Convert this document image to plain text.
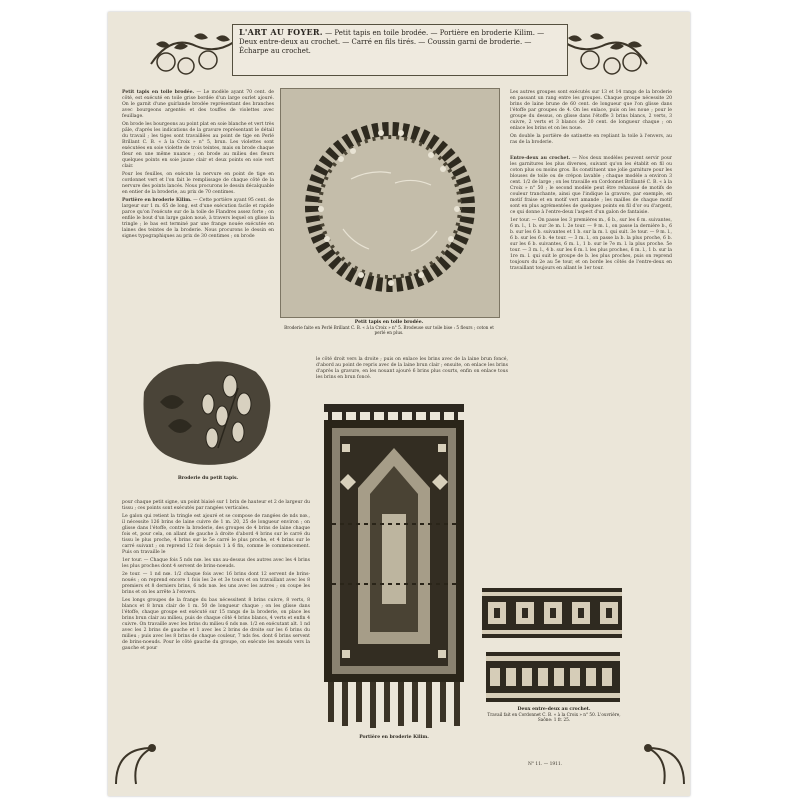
L'ART AU FOYER. — Petit tapis en toile brodée. — Portière en broderie Kilim. — Deux entre-deux au crochet. — Carré en fils tirés. — Coussin garni de broderie. — Écharpe au crochet.

Petit tapis en toile brodée. — Le modèle ayant 70 cent. de côté, est exécuté en toile grise bordée d'un large ourlet ajouré. On le garnit d'une guirlande brodée représentant des branches avec bourgeons argentés et des touffes de violettes avec feuillage.

On brode les bourgeons au point plat en soie blanche et vert très pâle, d'après les indications de la gravure représentant le détail du travail ; les tiges sont travaillées au point de tige en Perlé Brillant C. B. « à la Croix » n° 5, brun. Les violettes sont exécutées en soie violette de trois teintes, mais on brode chaque fleur en une même nuance ; on brode au milieu des fleurs quelques points en soie jaune clair et deux points en soie vert clair.

Pour les feuilles, on exécute la nervure en point de tige en cordonnet vert et l'on fait le remplissage de chaque côté de la nervure des points lancés. Nous procurons le dessin décalquable en entier de la broderie, au prix de 70 centimes.

Portière en broderie Kilim. — Cette portière ayant 95 cent. de largeur sur 1 m. 65 de long, est d'une exécution facile et rapide parce qu'on l'exécute sur de la toile de Flandres assez forte ; on enfile le bout d'un large galon noué, à travers lequel on glisse la tringle ; le bas est terminé par une frange nouée exécutée en laines des teintes de la broderie. Nous procurons le dessin en signes typographiques au prix de 30 centimes ; on brode

Petit tapis en toile brodée.
Broderie faite en Perlé Brillant C. B. « à la Croix » n° 5. Brodeuse sur toile bise : 5 fleurs ; coton et perlé en plus.

Les autres groupes sont exécutés sur 13 et 14 rangs de la broderie en passant un rang entre les groupes. Chaque groupe nécessite 20 brins de laine brune de 60 cent. de longueur que l'on glisse dans l'étoffe par groupes de 4. On les enlace, puis on les noue ; pour le groupe du dessus, on glisse dans l'étoffe 3 brins blancs, 2 verts, 3 cuivre, 2 verts et 3 blancs de 20 cent. de longueur chaque ; on enlace les brins et on les noue.

On double la portière de satinette en repliant la toile à l'envers, au ras de la broderie.

Entre-deux au crochet. — Nos deux modèles peuvent servir pour les garnitures les plus diverses, suivant qu'on les établit en fil ou coton plus ou moins gros. Ils constituent une jolie garniture pour les blouses de toile ou de crépon lavable ; chaque modèle a environ 3 cent. 1/2 de large ; on les travaille en Cordonnet Brillanté C. B. « à la Croix » n° 50 ; le second modèle peut être rehaussé de motifs de couleur tranchante, ainsi que l'indique la gravure, par exemple, en motif fraise et en motif vert amande ; les mailles de chaque motif sont en plus agrémentées de quelques points en fil d'or ou d'argent, ce qui donne à l'entre-deux l'aspect d'un galon de fantaisie.

1er tour. — On passe les 3 premières m., 6 b., sur les 6 m. suivantes, 6 m. l., 1 b. sur 3e m. l. 2e tour. — 9 m. l., on passe la dernière b., 6 b. sur les 6 b. suivantes et 1 b. sur la m. l. qui suit. 3e tour. — 9 m. l., 6 b. sur les 6 b. 4e tour. — 3 m. l., on passe la b. la plus proche, 6 b. sur les 6 b. suivantes, 6 m. l., 1 b. sur le 7e m. l. la plus proche. 5e tour. — 3 m. l., 4 b. sur les 6 m. l. les plus proches, 6 m. l., 1 b. sur la 1re m. l. qui suit le groupe de b. les plus proches, puis on reprend toujours du 2e au 5e tour, et on borde les côtés de l'entre-deux en travaillant toujours en allant le 1er tour.

Broderie du petit tapis.

pour chaque petit signe, un point biaisé sur 1 brin de hauteur et 2 de largeur du tissu ; ces points sont exécutés par rangées verticales.

Le galon qui retient la tringle est ajouré et se compose de rangées de nds nœ., il nécessite 126 brins de laine cuivre de 1 m. 20, 25 de longueur environ ; on glisse dans l'étoffe, contre la broderie, des groupes de 4 brins de laine chaque fois et, pour cela, on allant de gauche à droite d'abord 4 brins sur le carré du tissu le plus proche, 4 brins sur le 5e carré le plus proche, et 4 brins sur le carré suivant ; on reprend 12 fois depuis 1 à 6 fin, comme le commencement. Puis on travaille le

1er tour. — Chaque fois 5 nds nœ. les uns au-dessus des autres avec les 4 brins les plus proches dont 4 servent de brins-noeuds.

2e tour. — 1 nd nœ. 1/2 chaque fois avec 16 brins dont 12 servent de brins-noués ; on reprend encore 1 fois les 2e et 3e tours et on travaillant avec les 8 premiers et 8 derniers brins, 6 nds nœ. les uns avec les autres ; on coupe les brins et on les arrête à l'envers.

Les longs groupes de la frange du bas nécessitent 8 brins cuivre, 8 verts, 8 blancs et 8 brun clair de 1 m. 50 de longueur chaque ; on les glisse dans l'étoffe, chaque groupe est exécuté sur 15 rangs de la broderie, on place les brins brun clair au milieu, puis de chaque côté 4 brins blancs, 4 verts et enfin 4 cuivre. On travaille avec les brins du milieu 6 nds nœ. 1/2 en exécutant alt. 1 nd avec les 2 brins de gauche et 1 avec les 2 brins de droite sur les 6 brins du milieu ; puis avec les 8 brins de chaque couleur, 7 nds fes. dont 6 brins servent de brins-noeuds. Pour le côté gauche du groupe, on exécute les nœuds vers la gauche et pour

le côté droit vers la droite ; puis on enlace les brins avec de la laine brun foncé, d'abord au point de repris avec de la laine brun clair ; ensuite, on enlace les brins d'après la gravure, en les nouant ajouré 6 brins plus courts, enfin on enlace tous les brins en brun foncé.

Portière en broderie Kilim.
Deux entre-deux au crochet.
Travail fait en Cordonnet C. B. « à la Croix » n° 50. L'ouvrière, Saône: 1 fr. 25.
N° 11. — 1911.
